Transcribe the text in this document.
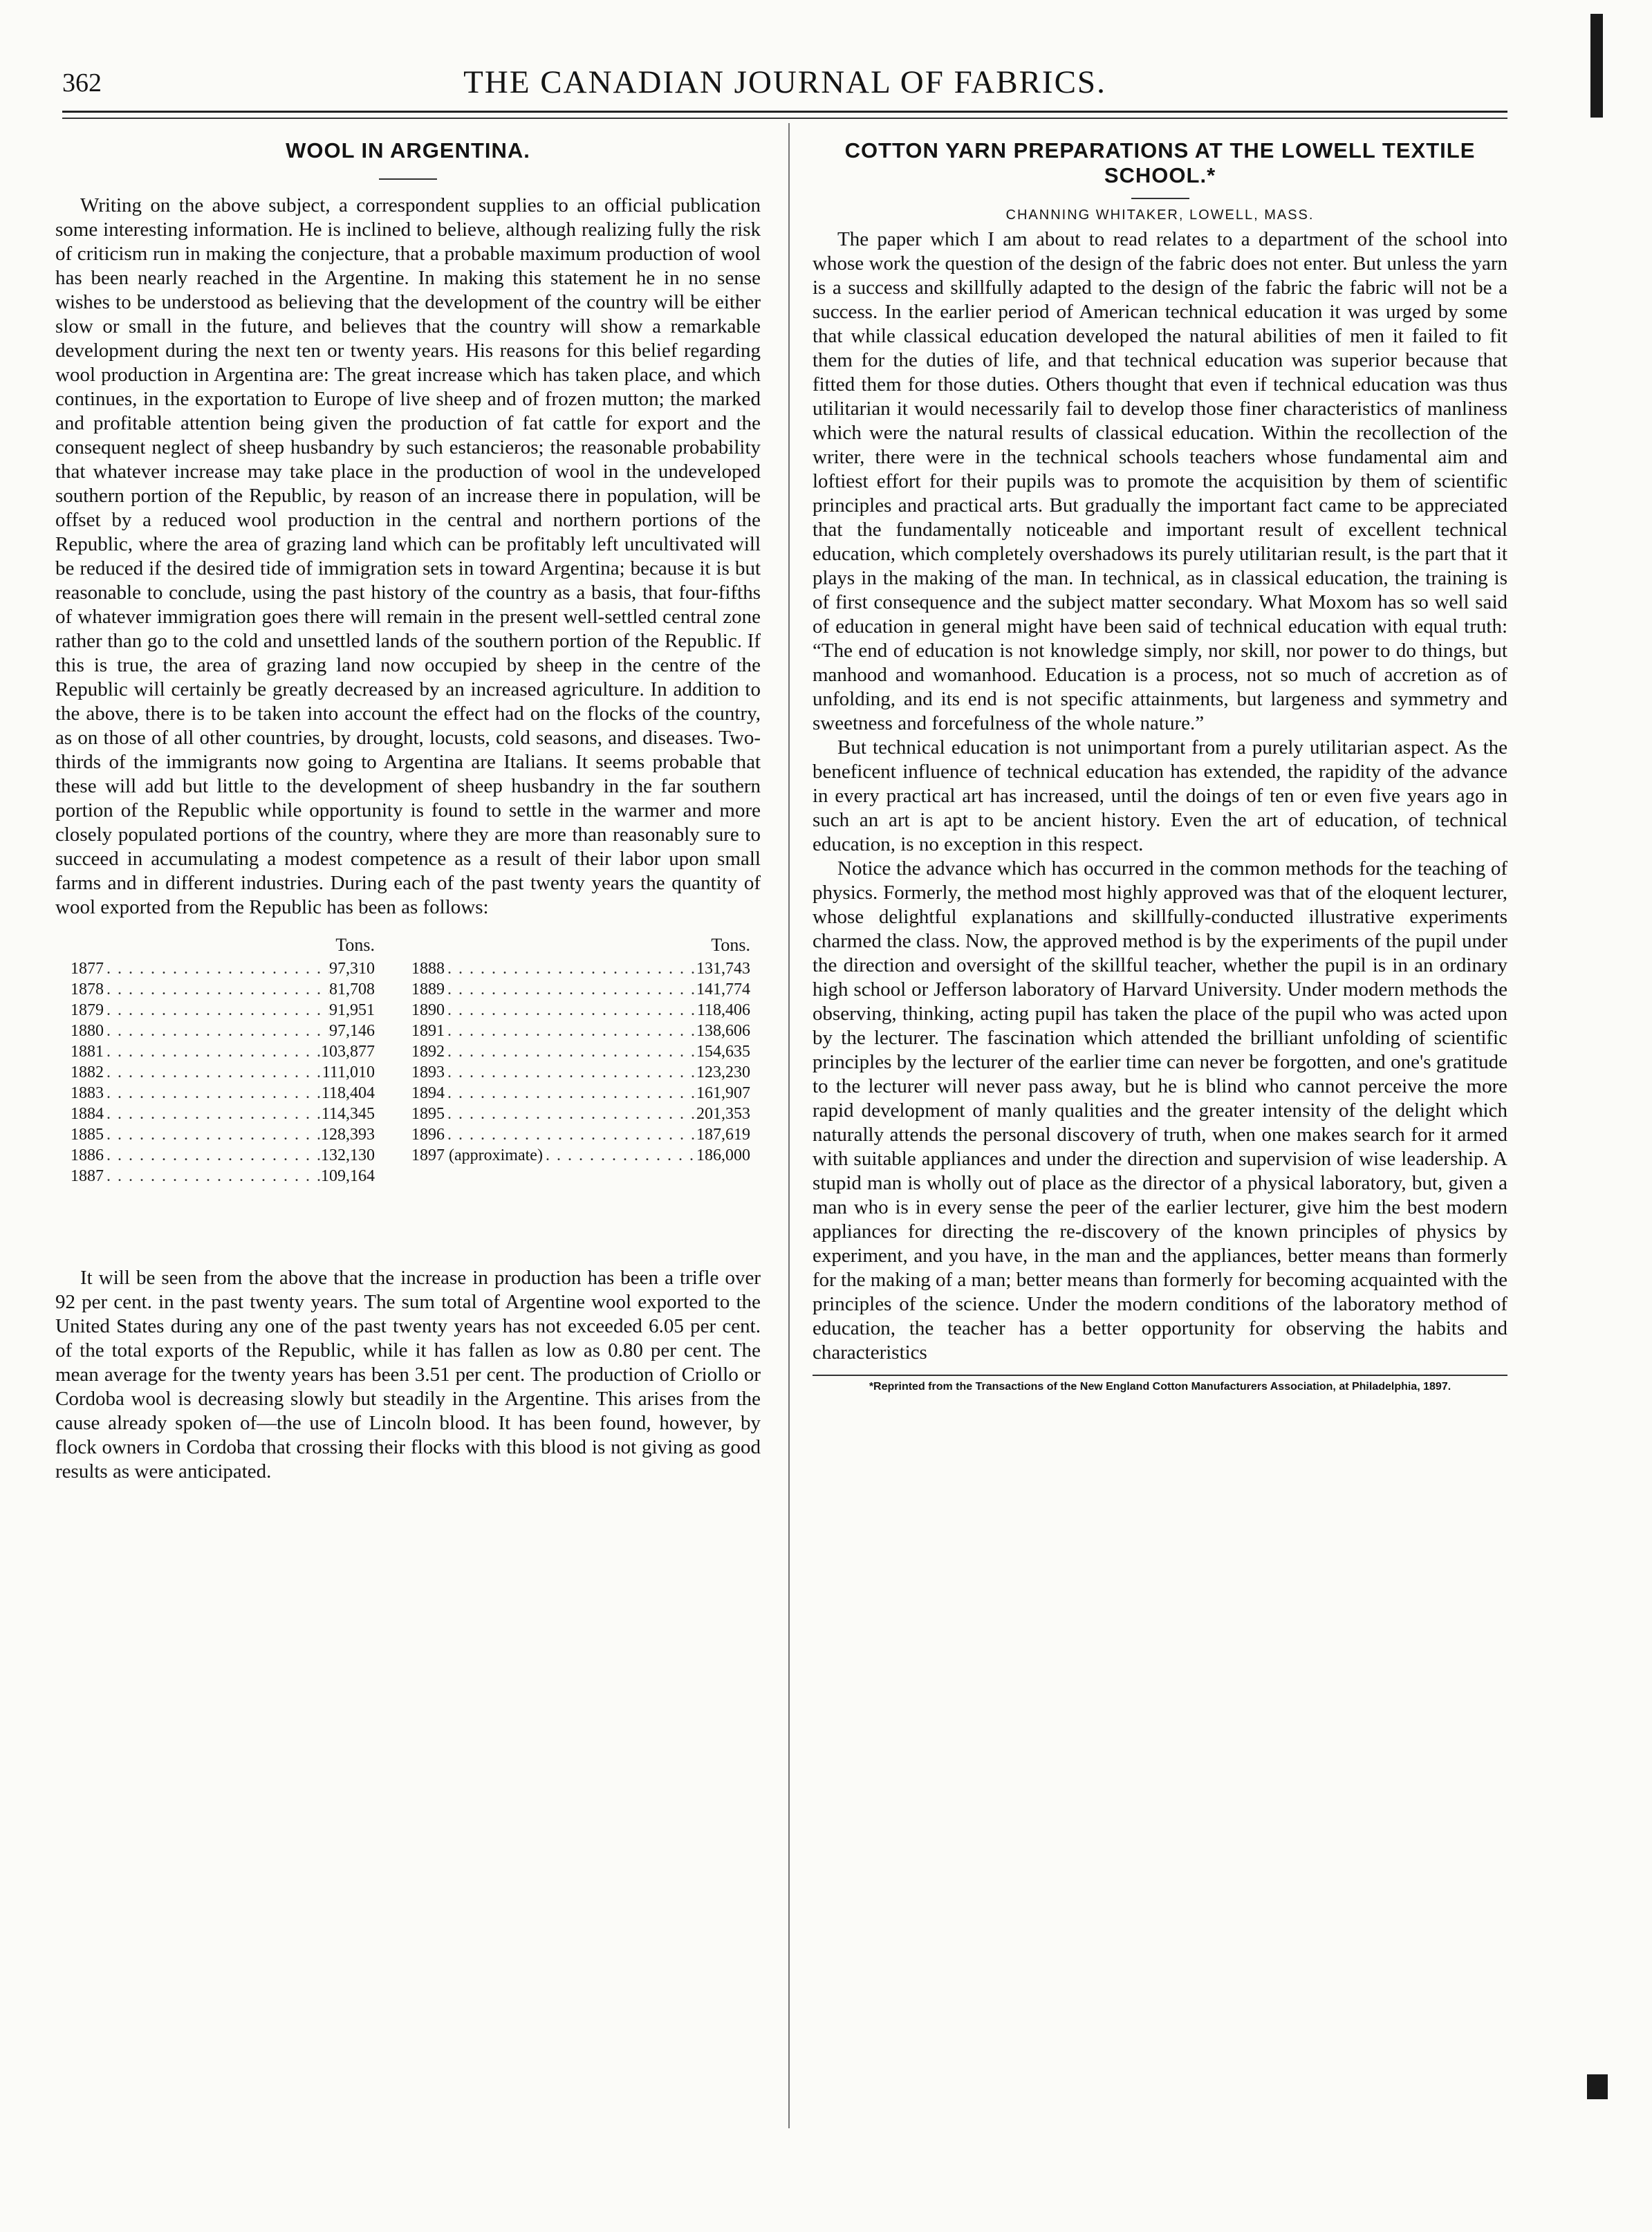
362	THE CANADIAN JOURNAL OF FABRICS.
WOOL IN ARGENTINA.

Writing on the above subject, a correspondent supplies to an official publication some interesting information. He is inclined to believe, although realizing fully the risk of criticism run in making the conjecture, that a probable maximum production of wool has been nearly reached in the Argentine. In making this statement he in no sense wishes to be understood as believing that the development of the country will be either slow or small in the future, and believes that the country will show a remarkable development during the next ten or twenty years. His reasons for this belief regarding wool production in Argentina are: The great increase which has taken place, and which continues, in the exportation to Europe of live sheep and of frozen mutton; the marked and profitable attention being given the production of fat cattle for export and the consequent neglect of sheep husbandry by such estancieros; the reasonable probability that whatever increase may take place in the production of wool in the undeveloped southern portion of the Republic, by reason of an increase there in population, will be offset by a reduced wool production in the central and northern portions of the Republic, where the area of grazing land which can be profitably left uncultivated will be reduced if the desired tide of immigration sets in toward Argentina; because it is but reasonable to conclude, using the past history of the country as a basis, that four-fifths of whatever immigration goes there will remain in the present well-settled central zone rather than go to the cold and unsettled lands of the southern portion of the Republic. If this is true, the area of grazing land now occupied by sheep in the centre of the Republic will certainly be greatly decreased by an increased agriculture. In addition to the above, there is to be taken into account the effect had on the flocks of the country, as on those of all other countries, by drought, locusts, cold seasons, and diseases. Two-thirds of the immigrants now going to Argentina are Italians. It seems probable that these will add but little to the development of sheep husbandry in the far southern portion of the Republic while opportunity is found to settle in the warmer and more closely populated portions of the country, where they are more than reasonably sure to succeed in accumulating a modest competence as a result of their labor upon small farms and in different industries. During each of the past twenty years the quantity of wool exported from the Republic has been as follows:

Tons.
1877 . . .	97,310
1878 . . .	81,708
1879 . . .	91,951
1880 . . .	97,146
1881 . . .	103,877
1882 . . .	111,010
1883 . . .	118,404
1884 . . .	114,345
1885 . . .	128,393
1886 . . .	132,130
1887 . . .	109,164
Tons.
1888 . . .	131,743
1889 . . .	141,774
1890 . . .	118,406
1891 . . .	138,606
1892 . . .	154,635
1893 . . .	123,230
1894 . . .	161,907
1895 . . .	201,353
1896 . . .	187,619
1897 (approximate) . . .	186,000

It will be seen from the above that the increase in production has been a trifle over 92 per cent. in the past twenty years. The sum total of Argentine wool exported to the United States during any one of the past twenty years has not exceeded 6.05 per cent. of the total exports of the Republic, while it has fallen as low as 0.80 per cent. The mean average for the twenty years has been 3.51 per cent. The production of Criollo or Cordoba wool is decreasing slowly but steadily in the Argentine. This arises from the cause already spoken of—the use of Lincoln blood. It has been found, however, by flock owners in Cordoba that crossing their flocks with this blood is not giving as good results as were anticipated.

COTTON YARN PREPARATIONS AT THE LOWELL TEXTILE SCHOOL.*
CHANNING WHITAKER, LOWELL, MASS.

The paper which I am about to read relates to a department of the school into whose work the question of the design of the fabric does not enter. But unless the yarn is a success and skillfully adapted to the design of the fabric the fabric will not be a success. In the earlier period of American technical education it was urged by some that while classical education developed the natural abilities of men it failed to fit them for the duties of life, and that technical education was superior because that fitted them for those duties. Others thought that even if technical education was thus utilitarian it would necessarily fail to develop those finer characteristics of manliness which were the natural results of classical education. Within the recollection of the writer, there were in the technical schools teachers whose fundamental aim and loftiest effort for their pupils was to promote the acquisition by them of scientific principles and practical arts. But gradually the important fact came to be appreciated that the fundamentally noticeable and important result of excellent technical education, which completely overshadows its purely utilitarian result, is the part that it plays in the making of the man. In technical, as in classical education, the training is of first consequence and the subject matter secondary. What Moxom has so well said of education in general might have been said of technical education with equal truth: “The end of education is not knowledge simply, nor skill, nor power to do things, but manhood and womanhood. Education is a process, not so much of accretion as of unfolding, and its end is not specific attainments, but largeness and symmetry and sweetness and forcefulness of the whole nature.”

But technical education is not unimportant from a purely utilitarian aspect. As the beneficent influence of technical education has extended, the rapidity of the advance in every practical art has increased, until the doings of ten or even five years ago in such an art is apt to be ancient history. Even the art of education, of technical education, is no exception in this respect.

Notice the advance which has occurred in the common methods for the teaching of physics. Formerly, the method most highly approved was that of the eloquent lecturer, whose delightful explanations and skillfully-conducted illustrative experiments charmed the class. Now, the approved method is by the experiments of the pupil under the direction and oversight of the skillful teacher, whether the pupil is in an ordinary high school or Jefferson laboratory of Harvard University. Under modern methods the observing, thinking, acting pupil has taken the place of the pupil who was acted upon by the lecturer. The fascination which attended the brilliant unfolding of scientific principles by the lecturer of the earlier time can never be forgotten, and one's gratitude to the lecturer will never pass away, but he is blind who cannot perceive the more rapid development of manly qualities and the greater intensity of the delight which naturally attends the personal discovery of truth, when one makes search for it armed with suitable appliances and under the direction and supervision of wise leadership. A stupid man is wholly out of place as the director of a physical laboratory, but, given a man who is in every sense the peer of the earlier lecturer, give him the best modern appliances for directing the re-discovery of the known principles of physics by experiment, and you have, in the man and the appliances, better means than formerly for the making of a man; better means than formerly for becoming acquainted with the principles of the science. Under the modern conditions of the laboratory method of education, the teacher has a better opportunity for observing the habits and characteristics

*Reprinted from the Transactions of the New England Cotton Manufacturers Association, at Philadelphia, 1897.
